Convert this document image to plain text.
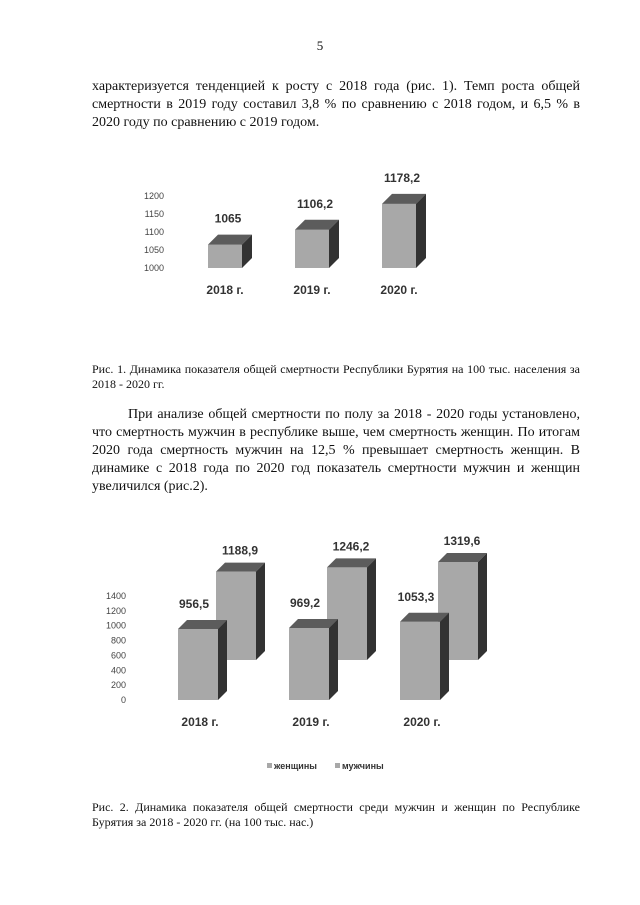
5

характеризуется тенденцией к росту с 2018 года (рис. 1). Темп роста общей смертности в 2019 году составил 3,8 % по сравнению с 2018 годом, и 6,5 % в 2020 году по сравнению с 2019 годом.

1000
1050
1100
1150
1200
1065
1106,2
1178,2
2018 г.	2019 г.	2020 г.

Рис. 1. Динамика показателя общей смертности Республики Бурятия на 100 тыс. населения за 2018 - 2020 гг.

При анализе общей смертности по полу за 2018 - 2020 годы установлено, что смертность мужчин в республике выше, чем смертность женщин. По итогам 2020 года смертность мужчин на 12,5 % превышает смертность женщин. В динамике с 2018 года по 2020 год показатель смертности мужчин и женщин увеличился (рис.2).

0
200
400
600
800
1000
1200
1400
1188,9
956,5
1246,2
969,2
1319,6
1053,3
2018 г.	2019 г.	2020 г.
женщины	мужчины

Рис. 2. Динамика показателя общей смертности среди мужчин и женщин по Республике Бурятия за 2018 - 2020 гг. (на 100 тыс. нас.)
